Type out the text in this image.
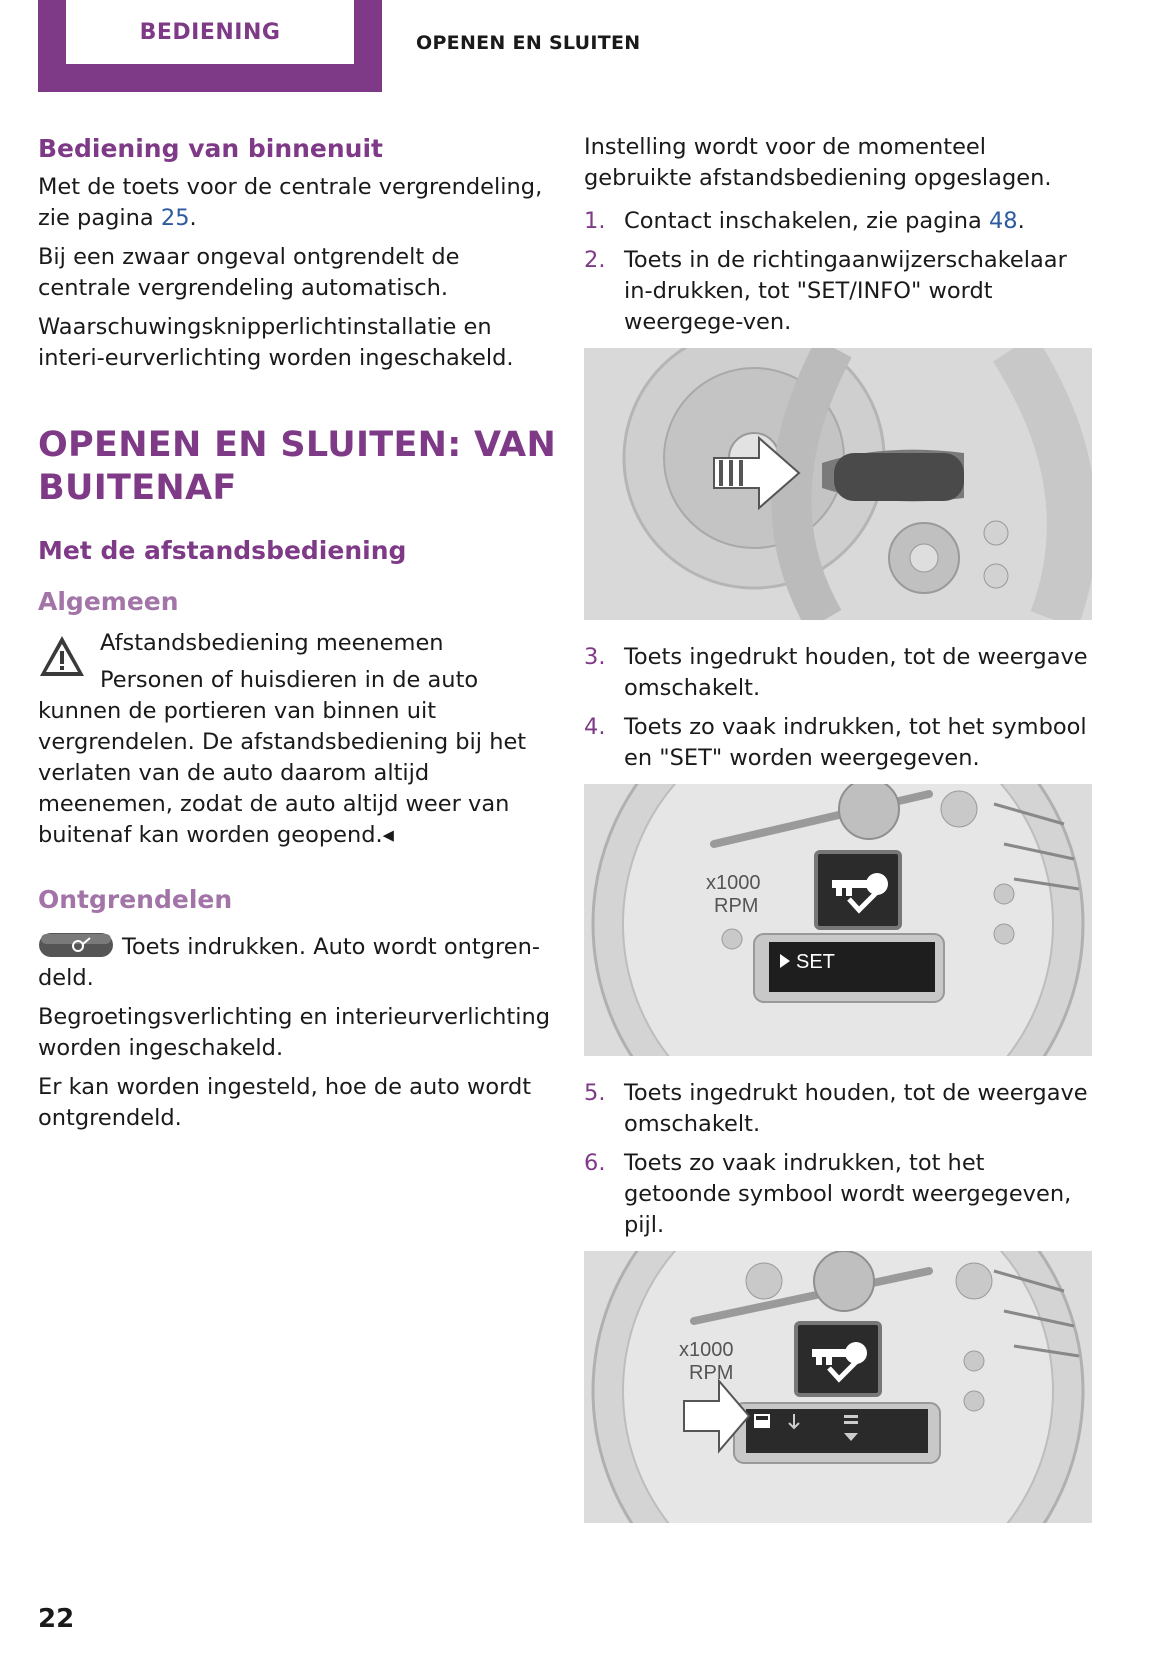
BEDIENING	OPENEN EN SLUITEN
Bediening van binnenuit

Met de toets voor de centrale vergrendeling, zie pagina 25.

Bij een zwaar ongeval ontgrendelt de centrale vergrendeling automatisch.

Waarschuwingsknipperlichtinstallatie en interi-eurverlichting worden ingeschakeld.

OPENEN EN SLUITEN: VAN BUITENAF
Met de afstandsbediening
Algemeen

Afstandsbediening meenemen

Personen of huisdieren in de auto kunnen de portieren van binnen uit vergrendelen. De afstandsbediening bij het verlaten van de auto daarom altijd meenemen, zodat de auto altijd weer van buitenaf kan worden geopend.◂

Ontgrendelen

Toets indrukken. Auto wordt ontgren-deld.

Begroetingsverlichting en interieurverlichting worden ingeschakeld.

Er kan worden ingesteld, hoe de auto wordt ontgrendeld.

Instelling wordt voor de momenteel gebruikte afstandsbediening opgeslagen.

1. Contact inschakelen, zie pagina 48.
2. Toets in de richtingaanwijzerschakelaar in-drukken, tot "SET/INFO" wordt weergege-ven.
3. Toets ingedrukt houden, tot de weergave omschakelt.
4. Toets zo vaak indrukken, tot het symbool en "SET" worden weergegeven.
x1000
RPM
SET
5. Toets ingedrukt houden, tot de weergave omschakelt.
6. Toets zo vaak indrukken, tot het getoonde symbool wordt weergegeven, pijl.
x1000
RPM
22
